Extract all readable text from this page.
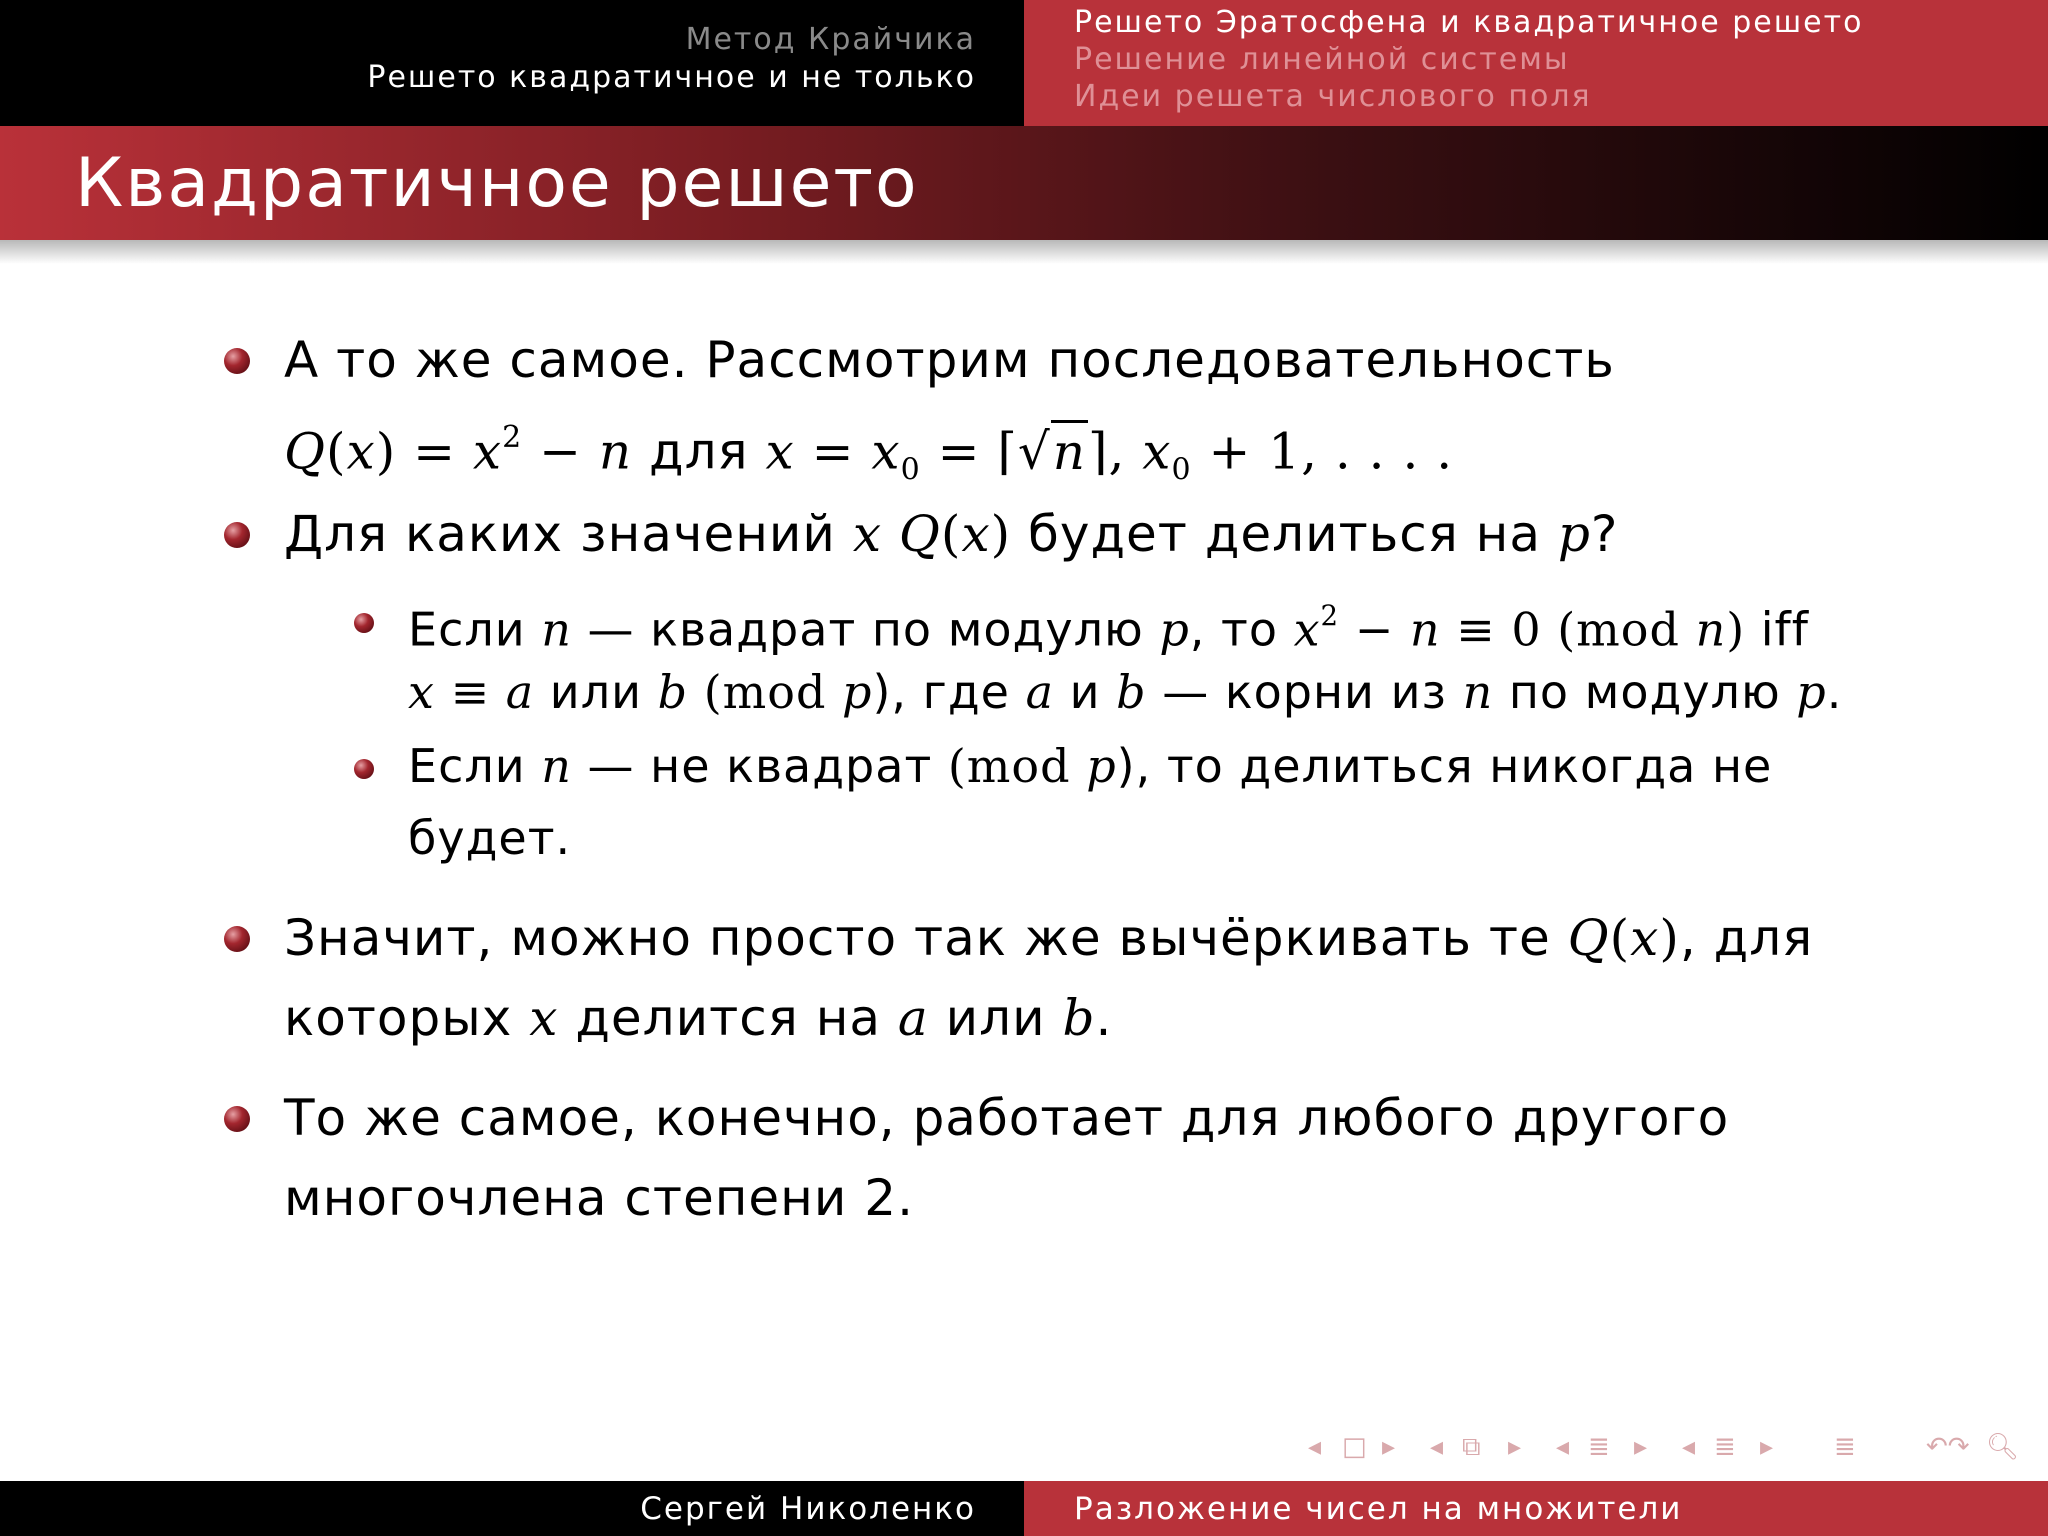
Метод Крайчика
Решето квадратичное и не только
Решето Эратосфена и квадратичное решето
Решение линейной системы
Идеи решета числового поля
Квадратичное решето
А то же самое. Рассмотрим последовательность
$Q(x) = x^2 - n$ для $x = x_0$ = ⌈√n⌉, $x_0 + 1$, . . . .
Для каких значений x Q(x) будет делиться на p?
Если n — квадрат по модулю p, то $x^2 - n \equiv 0$ (mod n) iff
x ≡ a или b (mod p), где a и b — корни из n по модулю p.
Если n — не квадрат (mod p), то делиться никогда не
будет.
Значит, можно просто так же вычёркивать те Q(x), для
которых x делится на a или b.
То же самое, конечно, работает для любого другого
многочлена степени 2.
◂ □ ▸ ◂ ⧉ ▸ ◂ ≣ ▸ ◂ ≣ ▸ ≣	↶↷ 🔍︎
Сергей Николенко	Разложение чисел на множители
